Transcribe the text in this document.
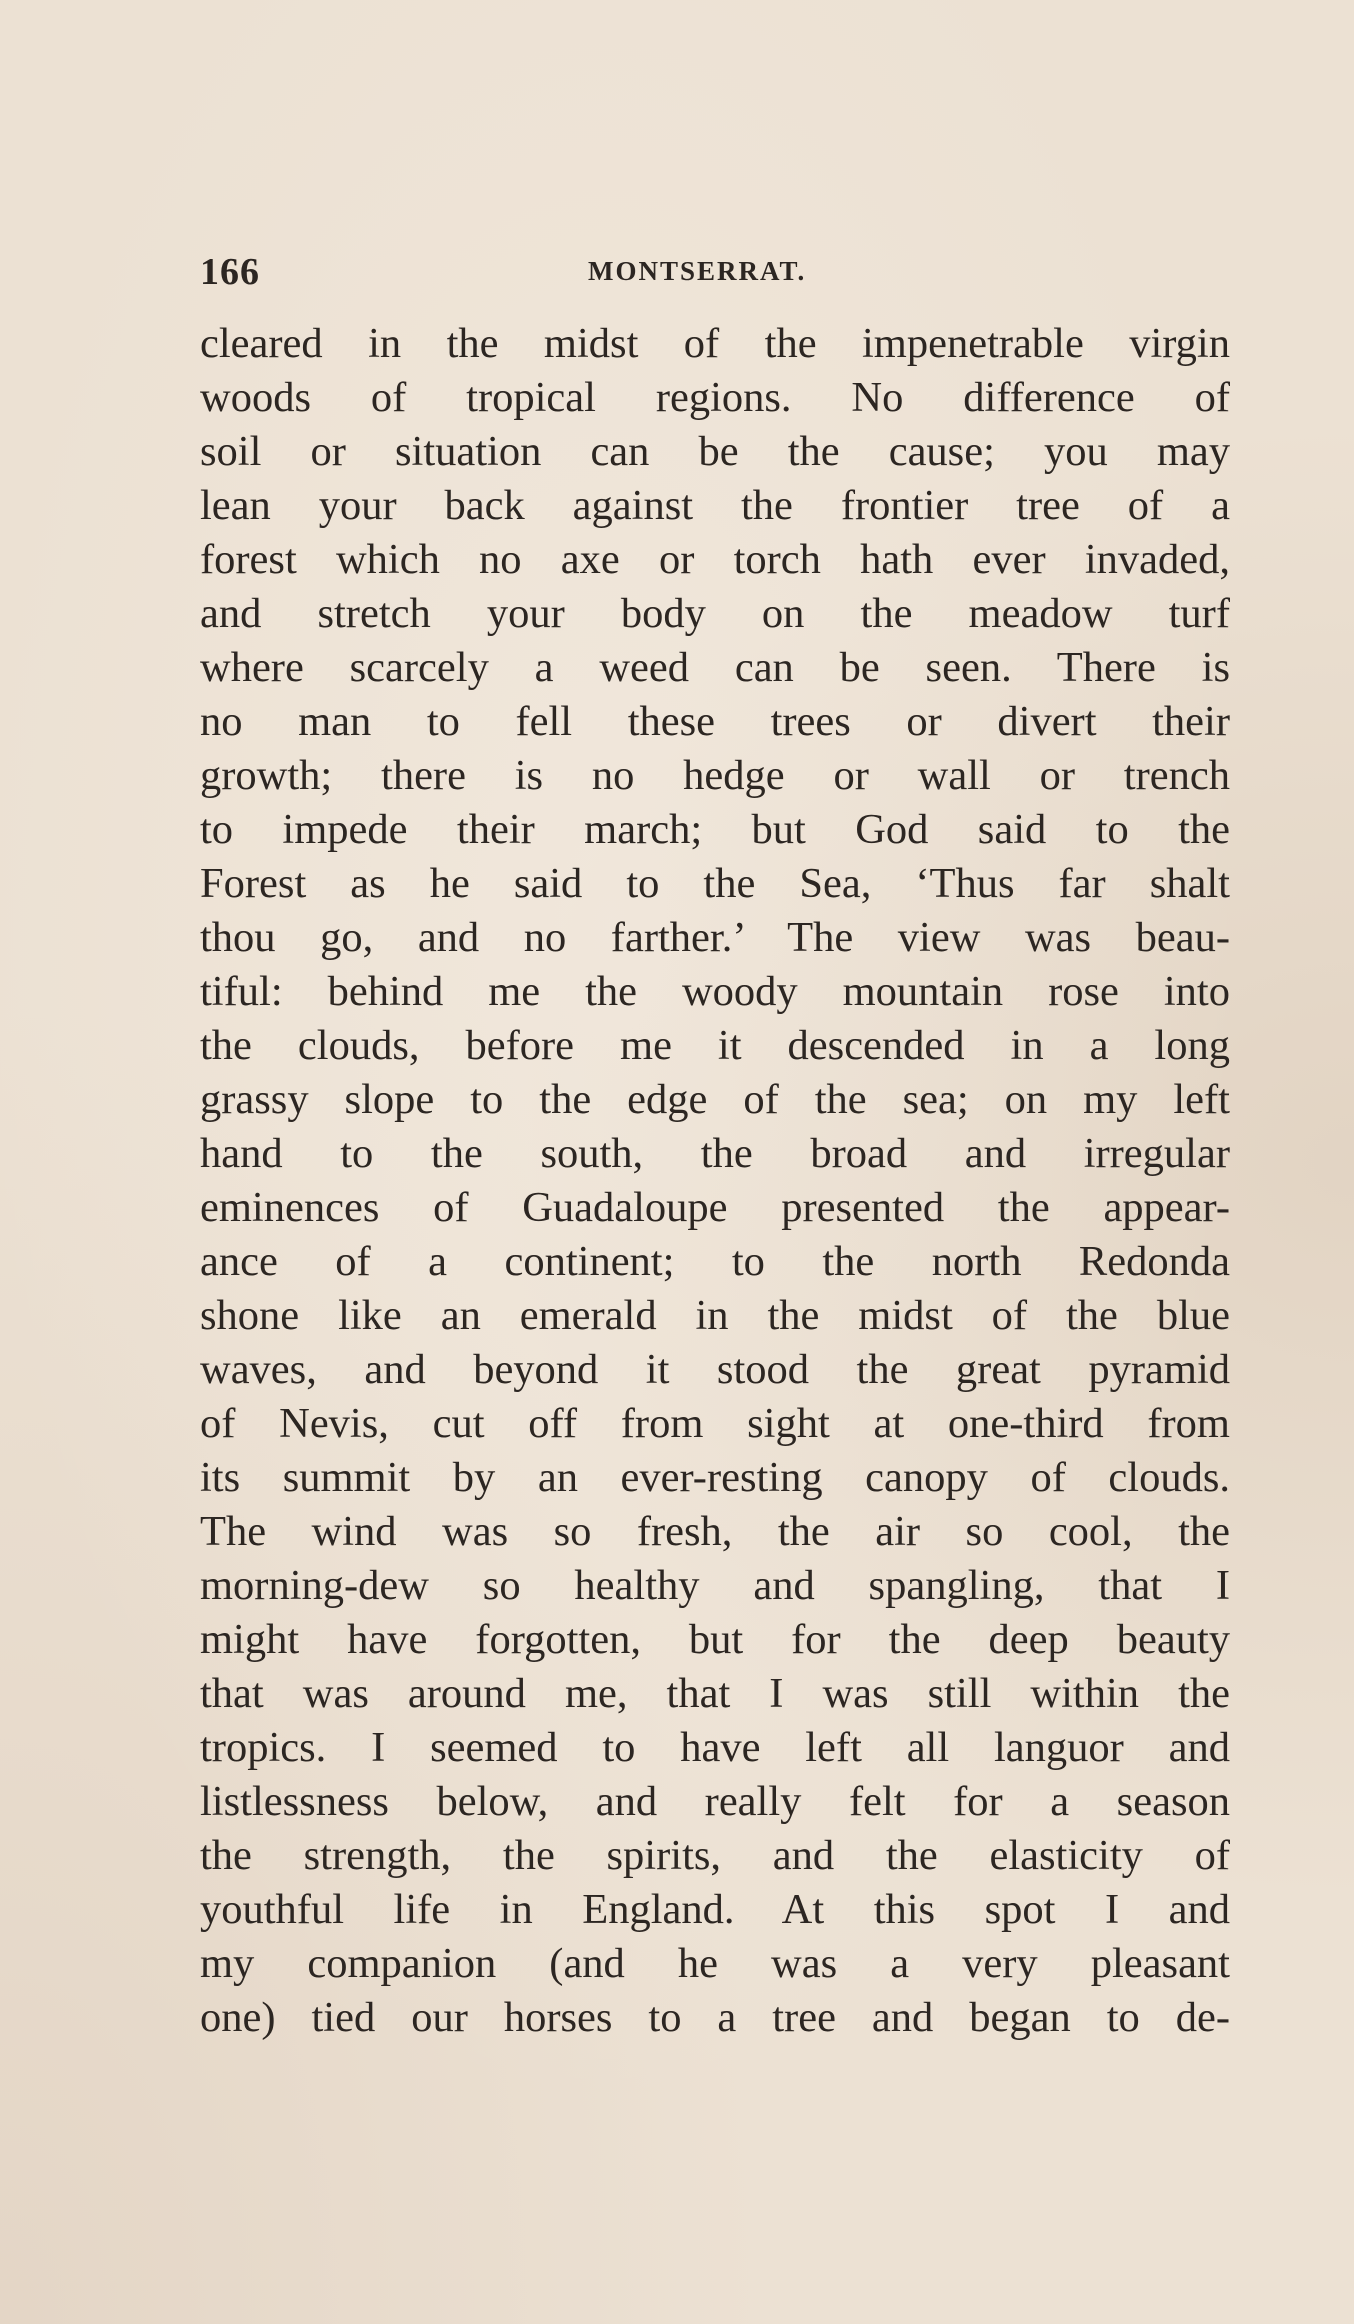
166	MONTSERRAT.
cleared in the midst of the impenetrable virgin
woods of tropical regions. No difference of
soil or situation can be the cause; you may
lean your back against the frontier tree of a
forest which no axe or torch hath ever invaded,
and stretch your body on the meadow turf
where scarcely a weed can be seen. There is
no man to fell these trees or divert their
growth; there is no hedge or wall or trench
to impede their march; but God said to the
Forest as he said to the Sea, ‘Thus far shalt
thou go, and no farther.’ The view was beau-
tiful: behind me the woody mountain rose into
the clouds, before me it descended in a long
grassy slope to the edge of the sea; on my left
hand to the south, the broad and irregular
eminences of Guadaloupe presented the appear-
ance of a continent; to the north Redonda
shone like an emerald in the midst of the blue
waves, and beyond it stood the great pyramid
of Nevis, cut off from sight at one-third from
its summit by an ever-resting canopy of clouds.
The wind was so fresh, the air so cool, the
morning-dew so healthy and spangling, that I
might have forgotten, but for the deep beauty
that was around me, that I was still within the
tropics. I seemed to have left all languor and
listlessness below, and really felt for a season
the strength, the spirits, and the elasticity of
youthful life in England. At this spot I and
my companion (and he was a very pleasant
one) tied our horses to a tree and began to de-
